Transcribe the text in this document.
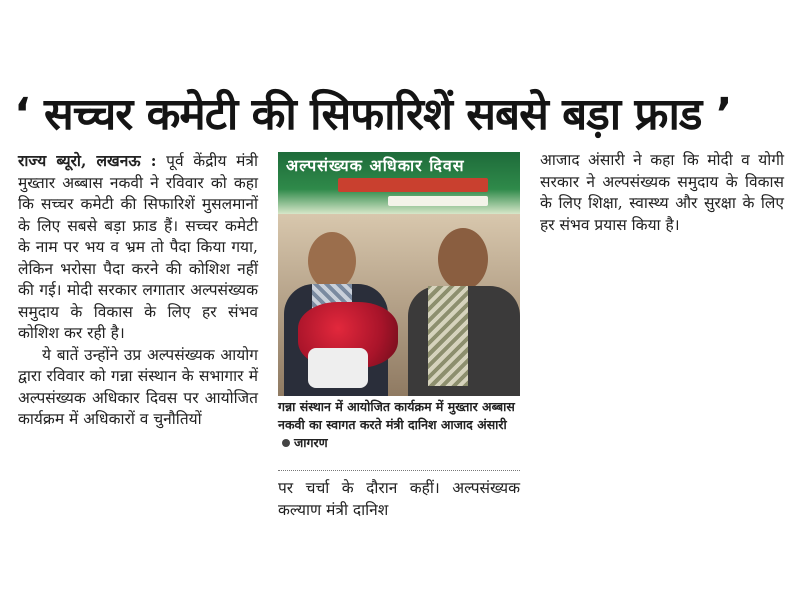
‘ सच्चर कमेटी की सिफारिशें सबसे बड़ा फ्राड ’

राज्य ब्यूरो, लखनऊ : पूर्व केंद्रीय मंत्री मुख्तार अब्बास नकवी ने रविवार को कहा कि सच्चर कमेटी की सिफारिशें मुसलमानों के लिए सबसे बड़ा फ्राड हैं। सच्चर कमेटी के नाम पर भय व भ्रम तो पैदा किया गया, लेकिन भरोसा पैदा करने की कोशिश नहीं की गई। मोदी सरकार लगातार अल्पसंख्यक समुदाय के विकास के लिए हर संभव कोशिश कर रही है।

ये बातें उन्होंने उप्र अल्पसंख्यक आयोग द्वारा रविवार को गन्ना संस्थान के सभागार में अल्पसंख्यक अधिकार दिवस पर आयोजित कार्यक्रम में अधिकारों व चुनौतियों

अल्पसंख्यक अधिकार दिवस
गन्ना संस्थान में आयोजित कार्यक्रम में मुख्तार अब्बास नकवी का स्वागत करते मंत्री दानिश आजाद अंसारीजागरण

पर चर्चा के दौरान कहीं। अल्पसंख्यक कल्याण मंत्री दानिश

आजाद अंसारी ने कहा कि मोदी व योगी सरकार ने अल्पसंख्यक समुदाय के विकास के लिए शिक्षा, स्वास्थ्य और सुरक्षा के लिए हर संभव प्रयास किया है।
